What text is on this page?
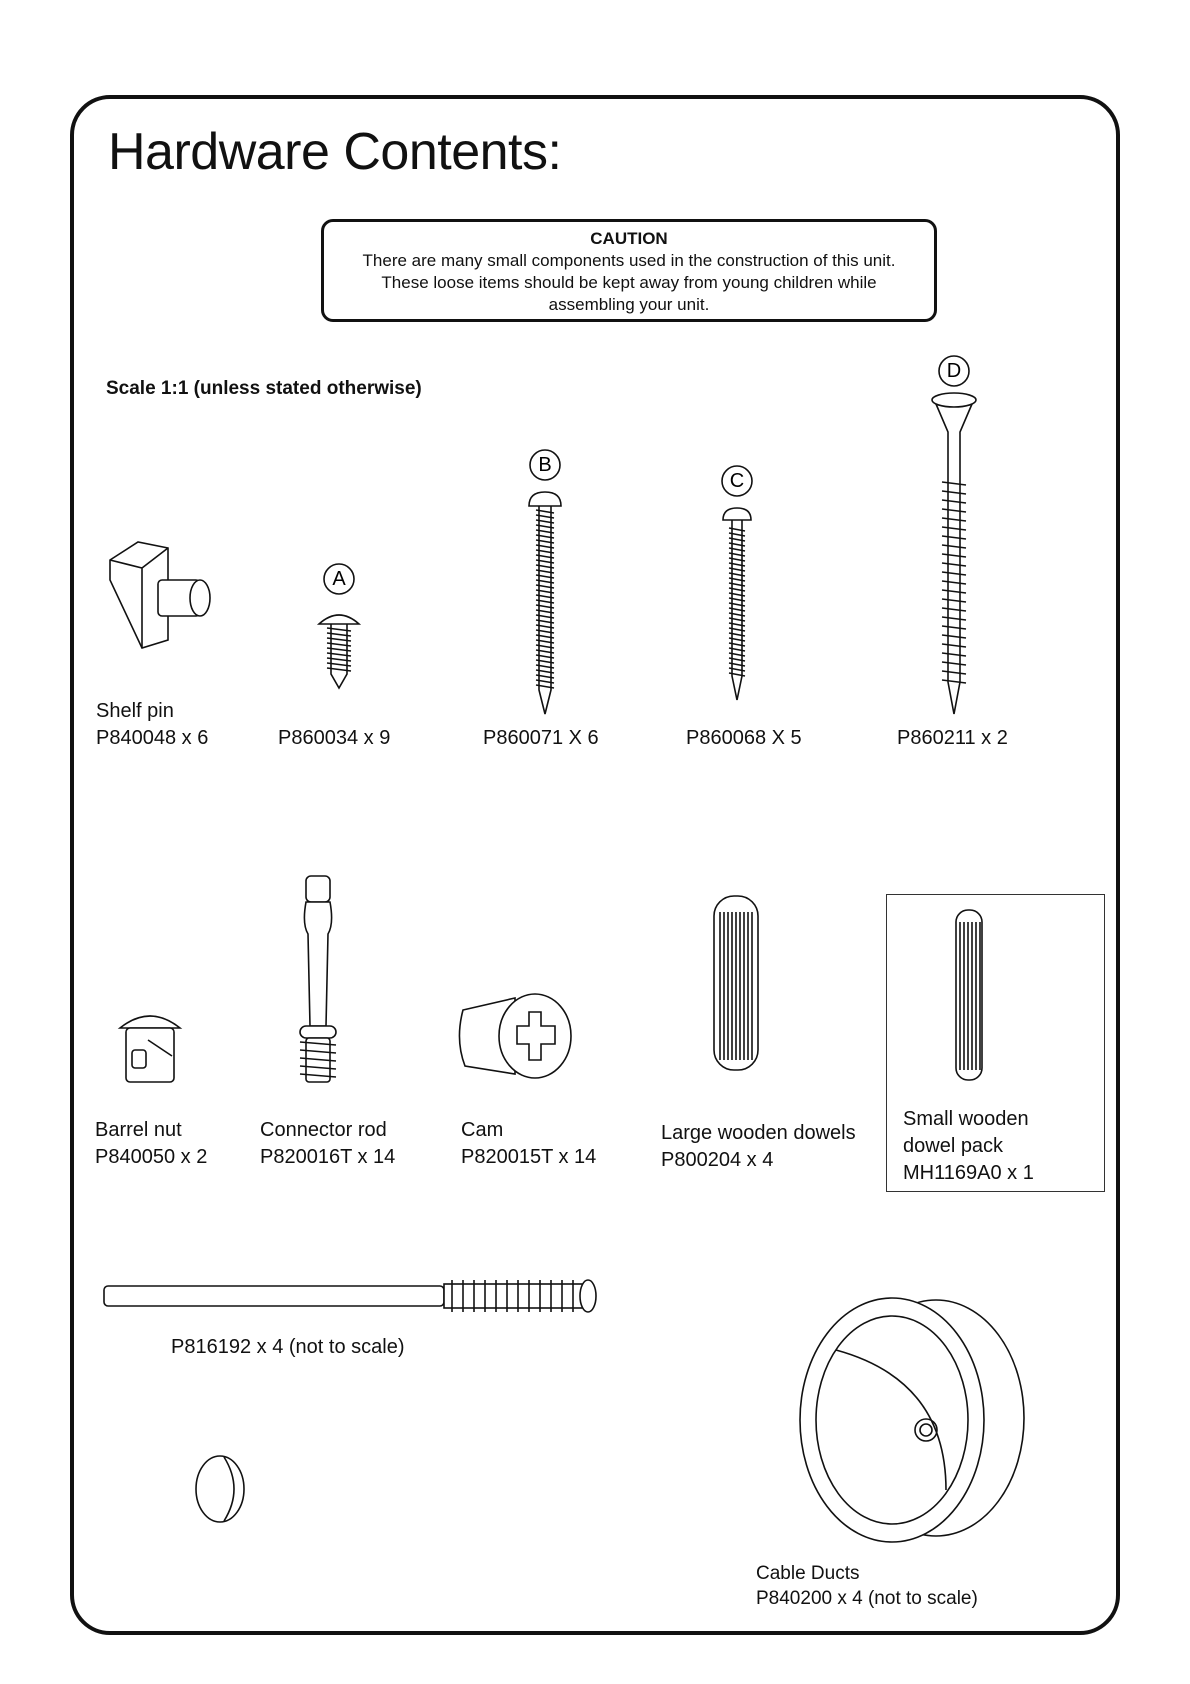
Hardware Contents:
CAUTION
There are many small components used in the construction of this unit.
These loose items should be kept away from young children while
assembling your unit.
Scale 1:1 (unless stated otherwise)
A
B
C
D
Shelf pin
P840048 x 6	P860034 x 9	P860071 X 6	P860068 X 5	P860211 x 2
Barrel nut
P840050 x 2
Connector rod
P820016T x 14
Cam
P820015T x 14
Large wooden dowels
P800204 x 4
Small wooden
dowel pack
MH1169A0 x 1
P816192 x 4 (not to scale)
Cable Ducts
P840200 x 4 (not to scale)
